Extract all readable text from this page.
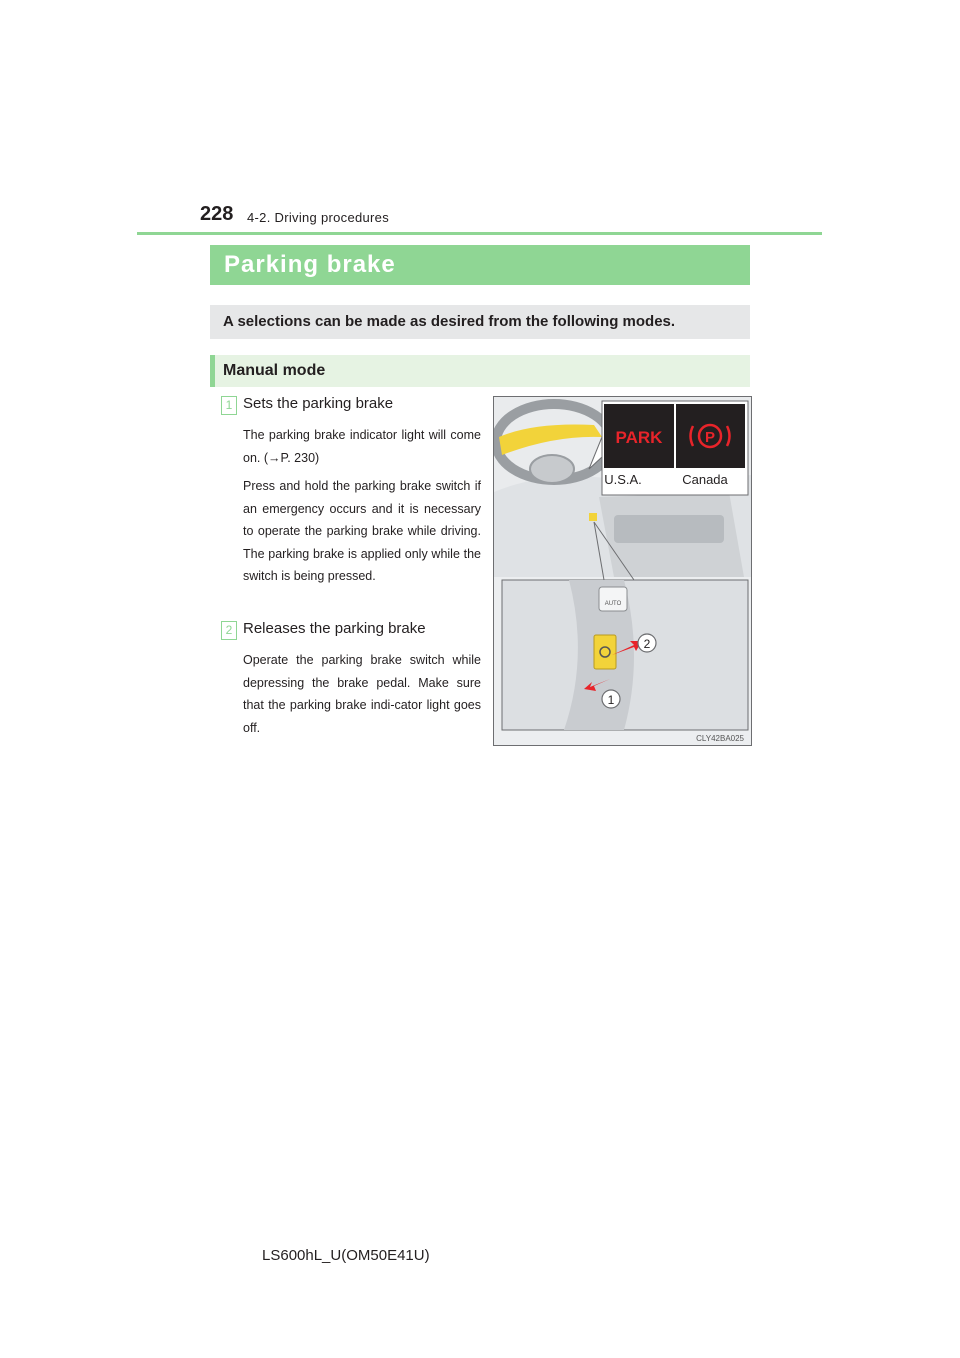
228 4-2. Driving procedures
Parking brake
A selections can be made as desired from the following modes.
Manual mode
1 Sets the parking brake
The parking brake indicator light will come on. (→P. 230)
Press and hold the parking brake switch if an emergency occurs and it is necessary to operate the parking brake while driving. The parking brake is applied only while the switch is being pressed.
2 Releases the parking brake
Operate the parking brake switch while depressing the brake pedal. Make sure that the parking brake indi-cator light goes off.
PARK	P
U.S.A.	Canada
AUTO
2
1
CLY42BA025
LS600hL_U(OM50E41U)
